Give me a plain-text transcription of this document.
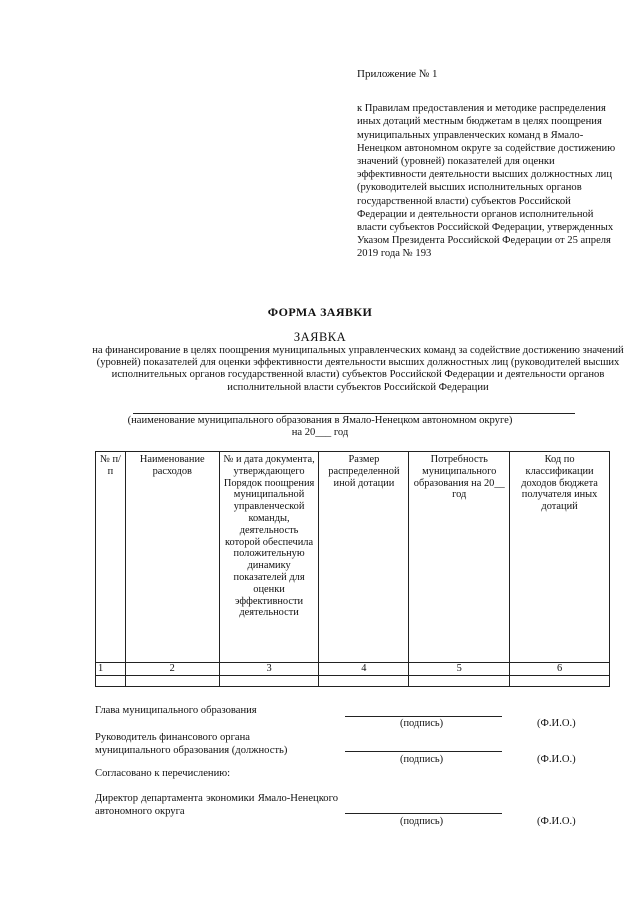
Приложение № 1
к Правилам предоставления и методике распределения иных дотаций местным бюджетам в целях поощрения муниципальных управленческих команд в Ямало-Ненецком автономном округе за содействие достижению значений (уровней) показателей для оценки эффективности деятельности высших должностных лиц (руководителей высших исполнительных органов государственной власти) субъектов Российской Федерации и деятельности органов исполнительной власти субъектов Российской Федерации, утвержденных Указом Президента Российской Федерации от 25 апреля 2019 года № 193
ФОРМА ЗАЯВКИ
ЗАЯВКА
на финансирование в целях поощрения муниципальных управленческих команд за содействие достижению значений (уровней) показателей для оценки эффективности деятельности высших должностных лиц (руководителей высших исполнительных органов государственной власти) субъектов Российской Федерации и деятельности органов исполнительной власти субъектов Российской Федерации
(наименование муниципального образования в Ямало-Ненецком автономном округе)
на 20___ год
№ п/п	Наименование расходов	№ и дата документа, утверждающего Порядок поощрения муниципальной управленческой команды, деятельность которой обеспечила положительную динамику показателей для оценки эффективности деятельности	Размер распределенной иной дотации	Потребность муниципального образования на 20__ год	Код по классификации доходов бюджета получателя иных дотаций
1	2	3	4	5	6

Глава муниципального образования
(подпись)	(Ф.И.О.)
Руководитель финансового органа муниципального образования (должность)
(подпись)	(Ф.И.О.)
Согласовано к перечислению:
Директор департамента экономики Ямало-Ненецкого автономного округа
(подпись)	(Ф.И.О.)
